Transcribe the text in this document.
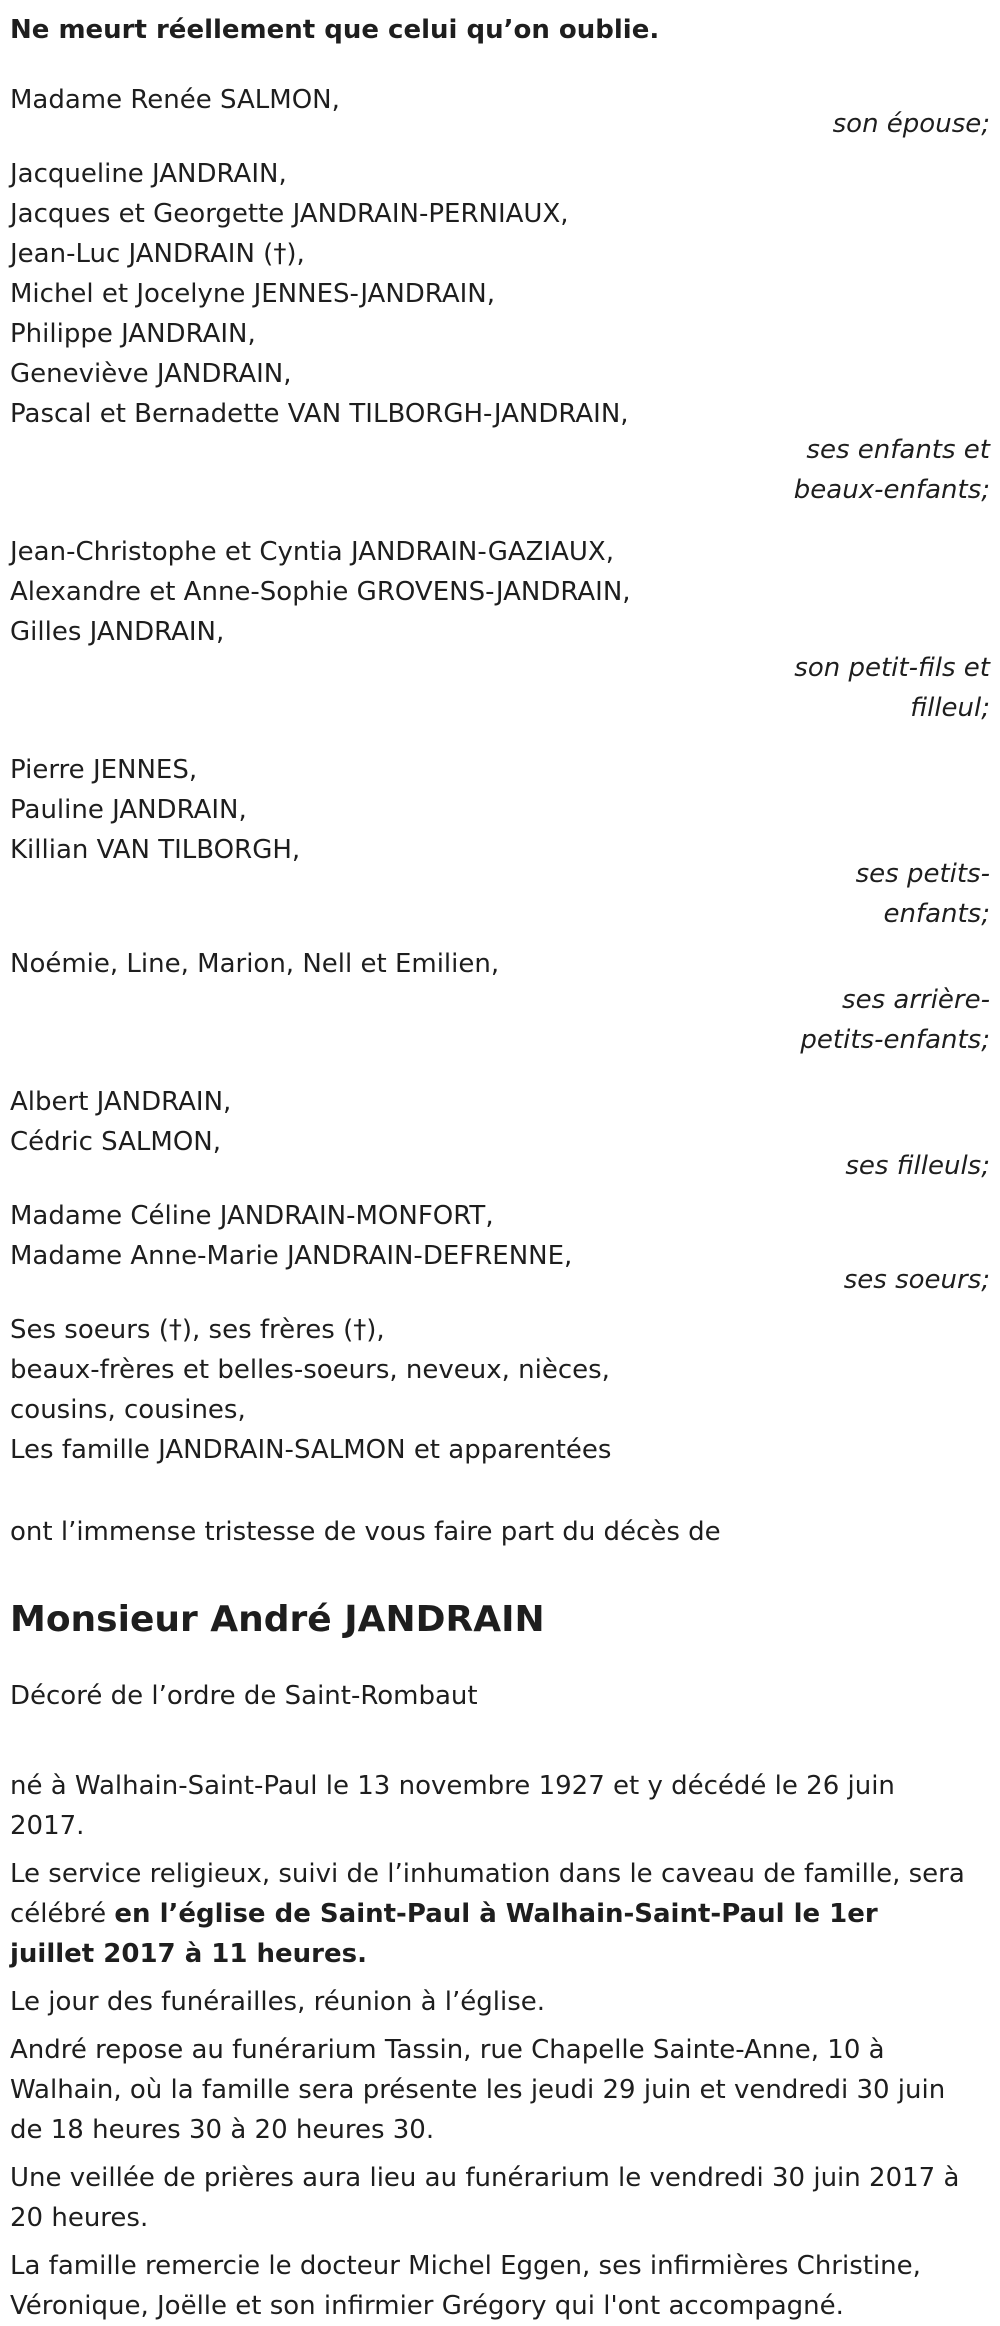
Ne meurt réellement que celui qu’on oublie.
Madame Renée SALMON,
son épouse;
Jacqueline JANDRAIN,
Jacques et Georgette JANDRAIN-PERNIAUX,
Jean-Luc JANDRAIN (†),
Michel et Jocelyne JENNES-JANDRAIN,
Philippe JANDRAIN,
Geneviève JANDRAIN,
Pascal et Bernadette VAN TILBORGH-JANDRAIN,
ses enfants et beaux-enfants;
Jean-Christophe et Cyntia JANDRAIN-GAZIAUX,
Alexandre et Anne-Sophie GROVENS-JANDRAIN,
Gilles JANDRAIN,
son petit-fils et filleul;
Pierre JENNES,
Pauline JANDRAIN,
Killian VAN TILBORGH,
ses petits-enfants;
Noémie, Line, Marion, Nell et Emilien,
ses arrière-petits-enfants;
Albert JANDRAIN,
Cédric SALMON,
ses filleuls;
Madame Céline JANDRAIN-MONFORT,
Madame Anne-Marie JANDRAIN-DEFRENNE,
ses soeurs;
Ses soeurs (†), ses frères (†),
beaux-frères et belles-soeurs, neveux, nièces,
cousins, cousines,
Les famille JANDRAIN-SALMON et apparentées
ont l’immense tristesse de vous faire part du décès de
Monsieur André JANDRAIN
Décoré de l’ordre de Saint-Rombaut
né à Walhain-Saint-Paul le 13 novembre 1927 et y décédé le 26 juin 2017.
Le service religieux, suivi de l’inhumation dans le caveau de famille, sera célébré en l’église de Saint-Paul à Walhain-Saint-Paul le 1er juillet 2017 à 11 heures.
Le jour des funérailles, réunion à l’église.
André repose au funérarium Tassin, rue Chapelle Sainte-Anne, 10 à Walhain, où la famille sera présente les jeudi 29 juin et vendredi 30 juin de 18 heures 30 à 20 heures 30.
Une veillée de prières aura lieu au funérarium le vendredi 30 juin 2017 à 20 heures.
La famille remercie le docteur Michel Eggen, ses infirmières Christine, Véronique, Joëlle et son infirmier Grégory qui l'ont accompagné.
